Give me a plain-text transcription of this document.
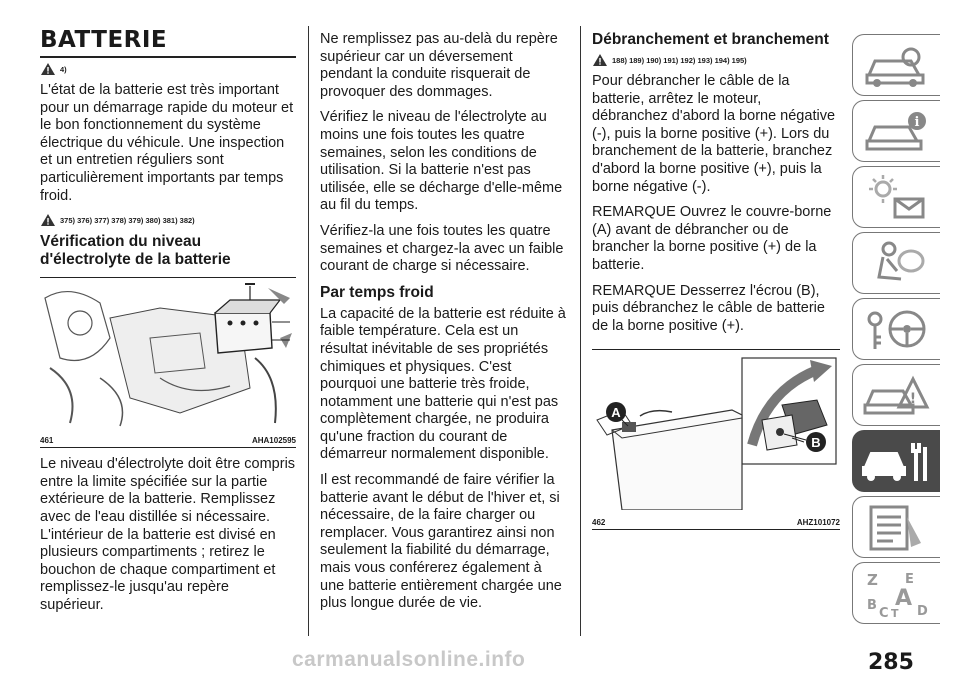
BATTERIE
4)

L'état de la batterie est très important pour un démarrage rapide du moteur et le bon fonctionnement du système électrique du véhicule. Une inspection et un entretien réguliers sont particulièrement importants par temps froid.

375) 376) 377) 378) 379) 380) 381) 382)
Vérification du niveau d'électrolyte de la batterie
461	AHA102595

Le niveau d'électrolyte doit être compris entre la limite spécifiée sur la partie extérieure de la batterie. Remplissez avec de l'eau distillée si nécessaire. L'intérieur de la batterie est divisé en plusieurs compartiments ; retirez le bouchon de chaque compartiment et remplissez-le jusqu'au repère supérieur.

Ne remplissez pas au-delà du repère supérieur car un déversement pendant la conduite risquerait de provoquer des dommages.

Vérifiez le niveau de l'électrolyte au moins une fois toutes les quatre semaines, selon les conditions de utilisation. Si la batterie n'est pas utilisée, elle se décharge d'elle-même au fil du temps.

Vérifiez-la une fois toutes les quatre semaines et chargez-la avec un faible courant de charge si nécessaire.

Par temps froid

La capacité de la batterie est réduite à faible température. Cela est un résultat inévitable de ses propriétés chimiques et physiques. C'est pourquoi une batterie très froide, notamment une batterie qui n'est pas complètement chargée, ne produira qu'une fraction du courant de démarreur normalement disponible.

Il est recommandé de faire vérifier la batterie avant le début de l'hiver et, si nécessaire, de la faire charger ou remplacer. Vous garantirez ainsi non seulement la fiabilité du démarrage, mais vous conférerez également à une batterie entièrement chargée une plus longue durée de vie.

Débranchement et branchement
188) 189) 190) 191) 192) 193) 194) 195)

Pour débrancher le câble de la batterie, arrêtez le moteur, débranchez d'abord la borne négative (-), puis la borne positive (+). Lors du branchement de la batterie, branchez d'abord la borne positive (+), puis la borne négative (-).

REMARQUE Ouvrez le couvre-borne (A) avant de débrancher ou de brancher la borne positive (+) de la batterie.

REMARQUE Desserrez l'écrou (B), puis débranchez le câble de batterie de la borne positive (+).

A
B
462	AHZ101072
i
!
Z E
B A
C T D
carmanualsonline.info	285
